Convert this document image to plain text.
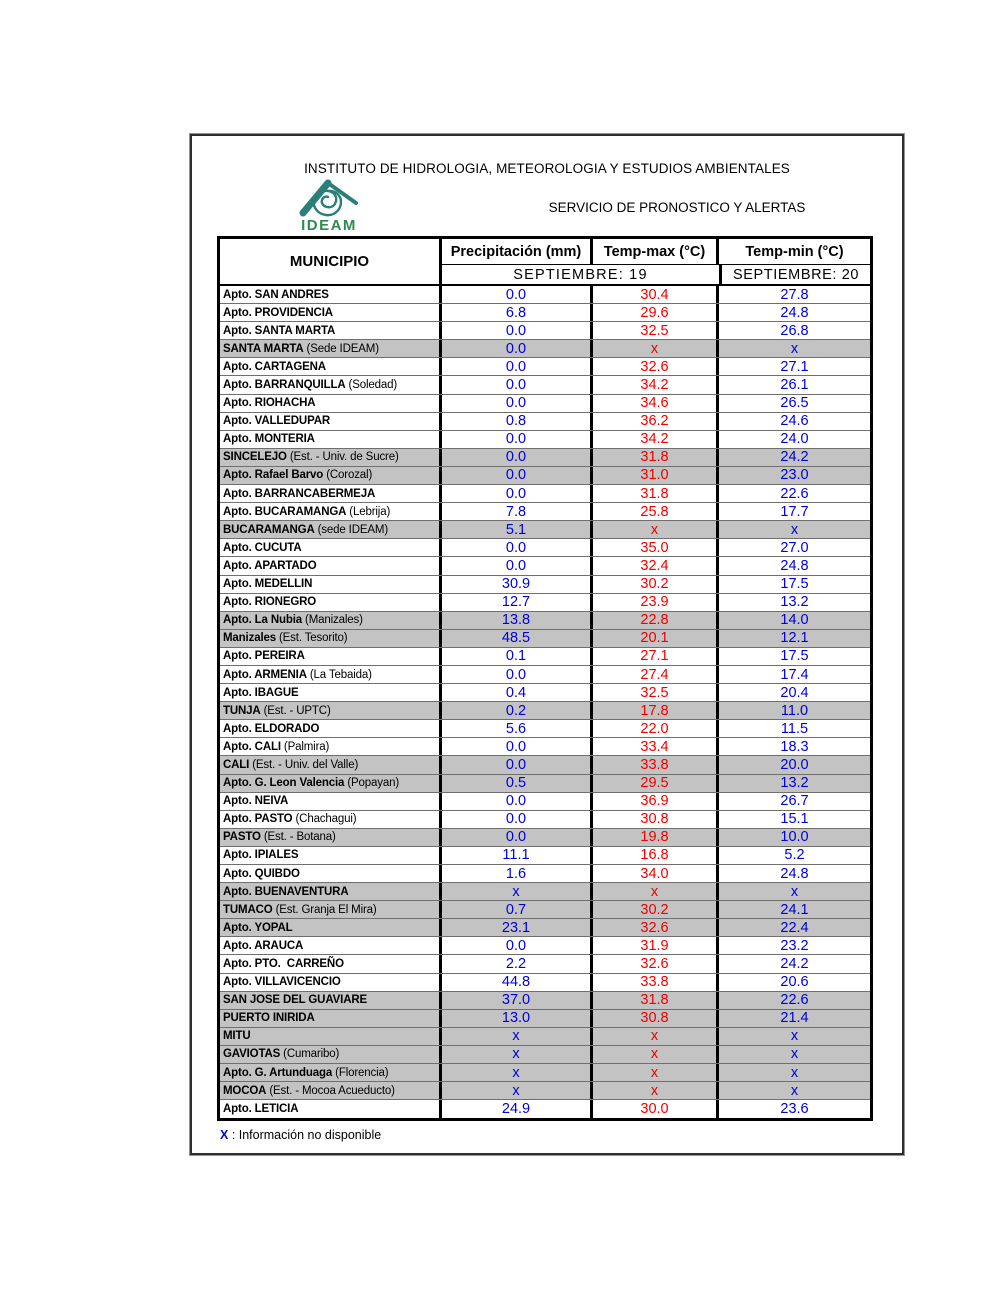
INSTITUTO DE HIDROLOGIA, METEOROLOGIA Y ESTUDIOS AMBIENTALES
IDEAM
SERVICIO DE PRONOSTICO Y ALERTAS
MUNICIPIO
Precipitación (mm)	Temp-max (°C)	Temp-min (°C)
SEPTIEMBRE: 19	SEPTIEMBRE: 20
Apto. SAN ANDRES	0.0	30.4	27.8
Apto. PROVIDENCIA	6.8	29.6	24.8
Apto. SANTA MARTA	0.0	32.5	26.8
SANTA MARTA (Sede IDEAM)	0.0	x	x
Apto. CARTAGENA	0.0	32.6	27.1
Apto. BARRANQUILLA (Soledad)	0.0	34.2	26.1
Apto. RIOHACHA	0.0	34.6	26.5
Apto. VALLEDUPAR	0.8	36.2	24.6
Apto. MONTERIA	0.0	34.2	24.0
SINCELEJO (Est. - Univ. de Sucre)	0.0	31.8	24.2
Apto. Rafael Barvo (Corozal)	0.0	31.0	23.0
Apto. BARRANCABERMEJA	0.0	31.8	22.6
Apto. BUCARAMANGA (Lebrija)	7.8	25.8	17.7
BUCARAMANGA (sede IDEAM)	5.1	x	x
Apto. CUCUTA	0.0	35.0	27.0
Apto. APARTADO	0.0	32.4	24.8
Apto. MEDELLIN	30.9	30.2	17.5
Apto. RIONEGRO	12.7	23.9	13.2
Apto. La Nubia (Manizales)	13.8	22.8	14.0
Manizales (Est. Tesorito)	48.5	20.1	12.1
Apto. PEREIRA	0.1	27.1	17.5
Apto. ARMENIA (La Tebaida)	0.0	27.4	17.4
Apto. IBAGUE	0.4	32.5	20.4
TUNJA (Est. - UPTC)	0.2	17.8	11.0
Apto. ELDORADO	5.6	22.0	11.5
Apto. CALI (Palmira)	0.0	33.4	18.3
CALI (Est. - Univ. del Valle)	0.0	33.8	20.0
Apto. G. Leon Valencia (Popayan)	0.5	29.5	13.2
Apto. NEIVA	0.0	36.9	26.7
Apto. PASTO (Chachagui)	0.0	30.8	15.1
PASTO (Est. - Botana)	0.0	19.8	10.0
Apto. IPIALES	11.1	16.8	5.2
Apto. QUIBDO	1.6	34.0	24.8
Apto. BUENAVENTURA	x	x	x
TUMACO (Est. Granja El Mira)	0.7	30.2	24.1
Apto. YOPAL	23.1	32.6	22.4
Apto. ARAUCA	0.0	31.9	23.2
Apto. PTO.  CARREÑO	2.2	32.6	24.2
Apto. VILLAVICENCIO	44.8	33.8	20.6
SAN JOSE DEL GUAVIARE	37.0	31.8	22.6
PUERTO INIRIDA	13.0	30.8	21.4
MITU	x	x	x
GAVIOTAS (Cumaribo)	x	x	x
Apto. G. Artunduaga (Florencia)	x	x	x
MOCOA (Est. - Mocoa Acueducto)	x	x	x
Apto. LETICIA	24.9	30.0	23.6
X : Información no disponible
